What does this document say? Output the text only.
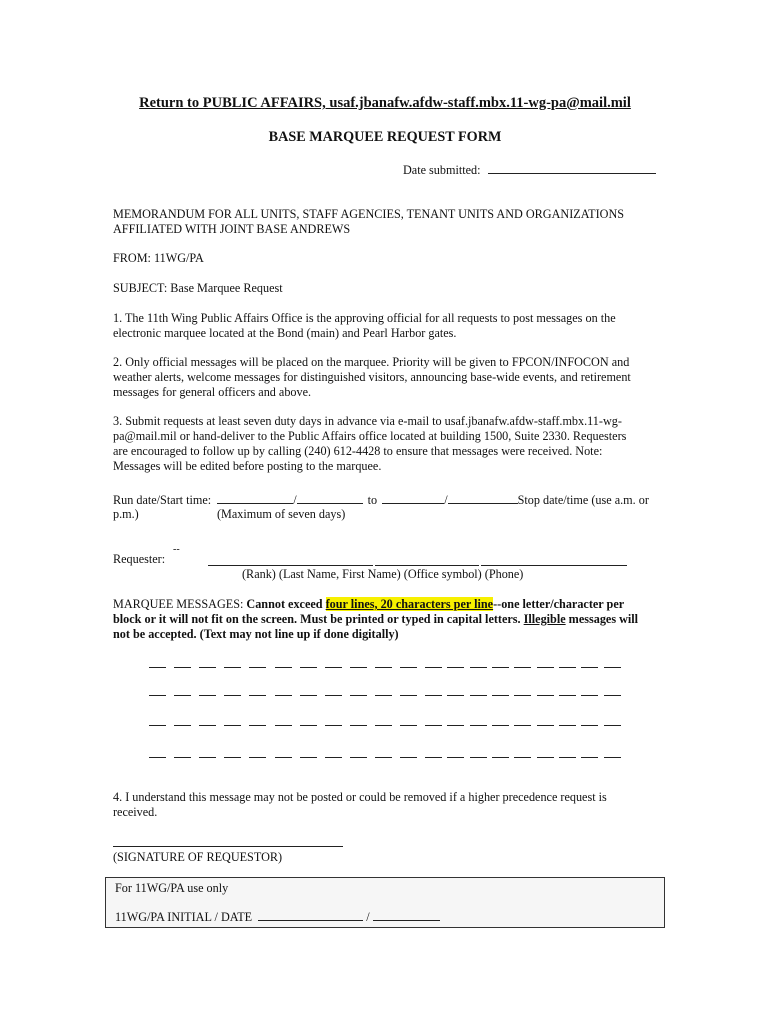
Return to PUBLIC AFFAIRS, usaf.jbanafw.afdw-staff.mbx.11-wg-pa@mail.mil
BASE MARQUEE REQUEST FORM
Date submitted:
MEMORANDUM FOR ALL UNITS, STAFF AGENCIES, TENANT UNITS AND ORGANIZATIONS
AFFILIATED WITH JOINT BASE ANDREWS
FROM: 11WG/PA
SUBJECT: Base Marquee Request
1. The 11th Wing Public Affairs Office is the approving official for all requests to post messages on the
electronic marquee located at the Bond (main) and Pearl Harbor gates.
2. Only official messages will be placed on the marquee. Priority will be given to FPCON/INFOCON and
weather alerts, welcome messages for distinguished visitors, announcing base-wide events, and retirement
messages for general officers and above.
3. Submit requests at least seven duty days in advance via e-mail to usaf.jbanafw.afdw-staff.mbx.11-wg-
pa@mail.mil or hand-deliver to the Public Affairs office located at building 1500, Suite 2330. Requesters
are encouraged to follow up by calling (240) 612-4428 to ensure that messages were received. Note:
Messages will be edited before posting to the marquee.
Run date/Start time:	/	to	/	Stop date/time (use a.m. or
p.m.)	(Maximum of seven days)
--
Requester:
(Rank) (Last Name, First Name) (Office symbol) (Phone)
MARQUEE MESSAGES: Cannot exceed four lines, 20 characters per line--one letter/character per
block or it will not fit on the screen. Must be printed or typed in capital letters. Illegible messages will
not be accepted. (Text may not line up if done digitally)
4. I understand this message may not be posted or could be removed if a higher precedence request is
received.
(SIGNATURE OF REQUESTOR)
For 11WG/PA use only
11WG/PA INITIAL / DATE	/
